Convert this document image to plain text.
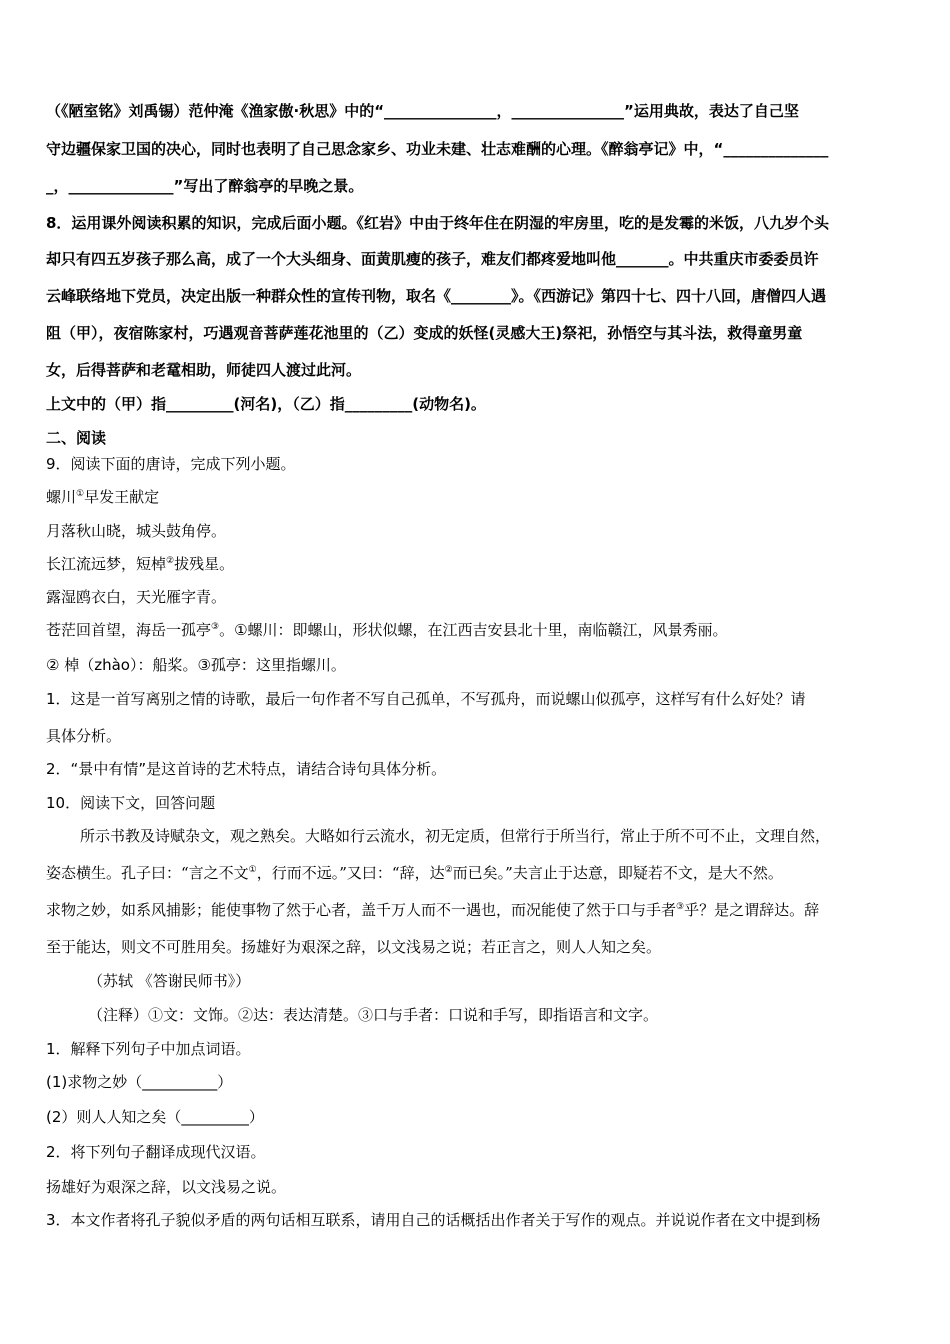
（《陋室铭》刘禹锡）范仲淹《渔家傲·秋思》中的“_______________，_______________”运用典故，表达了自己坚
守边疆保家卫国的决心，同时也表明了自己思念家乡、功业未建、壮志难酬的心理。《醉翁亭记》中，“______________
_，______________”写出了醉翁亭的早晚之景。
8．运用课外阅读积累的知识，完成后面小题。《红岩》中由于终年住在阴湿的牢房里，吃的是发霉的米饭，八九岁个头
却只有四五岁孩子那么高，成了一个大头细身、面黄肌瘦的孩子，难友们都疼爱地叫他_______。中共重庆市委委员许
云峰联络地下党员，决定出版一种群众性的宣传刊物，取名《________》。《西游记》第四十七、四十八回，唐僧四人遇
阻（甲），夜宿陈家村，巧遇观音菩萨莲花池里的（乙）变成的妖怪(灵感大王)祭祀，孙悟空与其斗法，救得童男童
女，后得菩萨和老鼋相助，师徒四人渡过此河。
上文中的（甲）指_________(河名)，（乙）指_________(动物名)。
二、阅读
9．阅读下面的唐诗，完成下列小题。
螺川①早发王献定
月落秋山晓，城头鼓角停。
长江流远梦，短棹②拔残星。
露湿鸥衣白，天光雁字青。
苍茫回首望，海岳一孤亭③。①螺川：即螺山，形状似螺，在江西吉安县北十里，南临赣江，风景秀丽。
② 棹（zhào）：船桨。③孤亭：这里指螺川。
1．这是一首写离别之情的诗歌，最后一句作者不写自己孤单，不写孤舟，而说螺山似孤亭，这样写有什么好处？请
具体分析。
2．“景中有情”是这首诗的艺术特点，请结合诗句具体分析。
10．阅读下文，回答问题
所示书教及诗赋杂文，观之熟矣。大略如行云流水，初无定质，但常行于所当行，常止于所不可不止，文理自然，
姿态横生。孔子曰：“言之不文①，行而不远。”又曰：“辞，达②而已矣。”夫言止于达意，即疑若不文，是大不然。
求物之妙，如系风捕影；能使事物了然于心者，盖千万人而不一遇也，而况能使了然于口与手者③乎？是之谓辞达。辞
至于能达，则文不可胜用矣。扬雄好为艰深之辞，以文浅易之说；若正言之，则人人知之矣。
（苏轼 《答谢民师书》）
（注释）①文：文饰。②达：表达清楚。③口与手者：口说和手写，即指语言和文字。
1．解释下列句子中加点词语。
(1)求物之妙（__________）
(2）则人人知之矣（_________）
2．将下列句子翻译成现代汉语。
扬雄好为艰深之辞，以文浅易之说。
3．本文作者将孔子貌似矛盾的两句话相互联系，请用自己的话概括出作者关于写作的观点。并说说作者在文中提到杨
